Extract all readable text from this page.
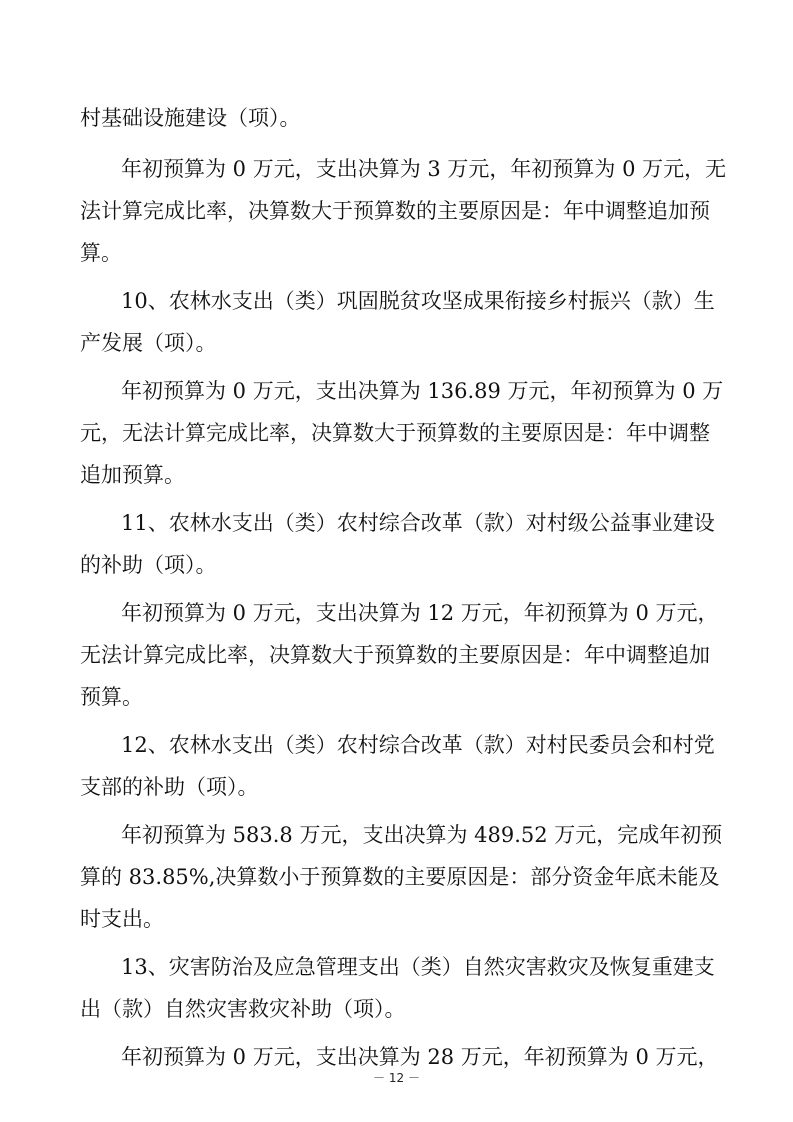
村基础设施建设（项）。
年初预算为 0 万元，支出决算为 3 万元，年初预算为 0 万元，无
法计算完成比率，决算数大于预算数的主要原因是：年中调整追加预
算。
10、农林水支出（类）巩固脱贫攻坚成果衔接乡村振兴（款）生
产发展（项）。
年初预算为 0 万元，支出决算为 136.89 万元，年初预算为 0 万
元，无法计算完成比率，决算数大于预算数的主要原因是：年中调整
追加预算。
11、农林水支出（类）农村综合改革（款）对村级公益事业建设
的补助（项）。
年初预算为 0 万元，支出决算为 12 万元，年初预算为 0 万元，
无法计算完成比率，决算数大于预算数的主要原因是：年中调整追加
预算。
12、农林水支出（类）农村综合改革（款）对村民委员会和村党
支部的补助（项）。
年初预算为 583.8 万元，支出决算为 489.52 万元，完成年初预
算的 83.85%,决算数小于预算数的主要原因是：部分资金年底未能及
时支出。
13、灾害防治及应急管理支出（类）自然灾害救灾及恢复重建支
出（款）自然灾害救灾补助（项）。
年初预算为 0 万元，支出决算为 28 万元，年初预算为 0 万元，
－ 12 －
